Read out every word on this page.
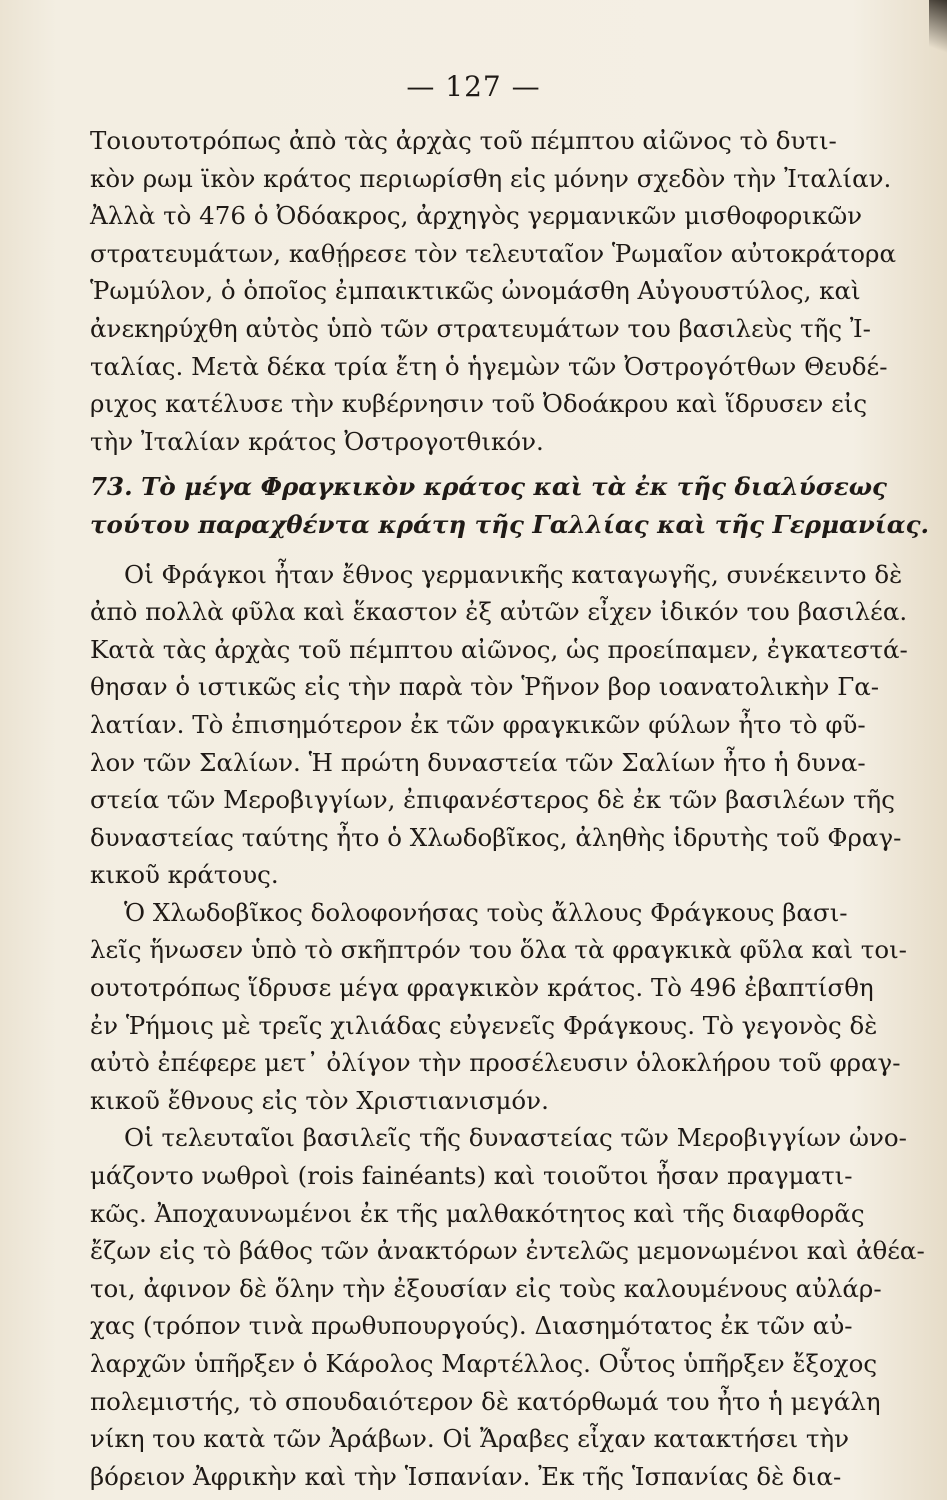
— 127 —
Τοιουτοτρόπως ἀπὸ τὰς ἀρχὰς τοῦ πέμπτου αἰῶνος τὸ δυτι-
κὸν ρωμ ϊκὸν κράτος περιωρίσθη εἰς μόνην σχεδὸν τὴν Ἰταλίαν.
Ἀλλὰ τὸ 476 ὁ Ὀδόακρος, ἀρχηγὸς γερμανικῶν μισθοφορικῶν
στρατευμάτων, καθῄρεσε τὸν τελευταῖον Ῥωμαῖον αὐτοκράτορα
Ῥωμύλον, ὁ ὁποῖος ἐμπαικτικῶς ὠνομάσθη Αὐγουστύλος, καὶ
ἀνεκηρύχθη αὐτὸς ὑπὸ τῶν στρατευμάτων του βασιλεὺς τῆς Ἰ-
ταλίας. Μετὰ δέκα τρία ἔτη ὁ ἡγεμὼν τῶν Ὀστρογότθων Θευδέ-
ριχος κατέλυσε τὴν κυβέρνησιν τοῦ Ὀδοάκρου καὶ ἵδρυσεν εἰς
τὴν Ἰταλίαν κράτος Ὀστρογοτθικόν.
73. Τὸ μέγα Φραγκικὸν κράτος καὶ τὰ ἐκ τῆς διαλύσεως
τούτου παραχθέντα κράτη τῆς Γαλλίας καὶ τῆς Γερμανίας.
Οἱ Φράγκοι ἦταν ἔθνος γερμανικῆς καταγωγῆς, συνέκειντο δὲ
ἀπὸ πολλὰ φῦλα καὶ ἕκαστον ἐξ αὐτῶν εἶχεν ἰδικόν του βασιλέα.
Κατὰ τὰς ἀρχὰς τοῦ πέμπτου αἰῶνος, ὡς προείπαμεν, ἐγκατεστά-
θησαν ὁ ιστικῶς εἰς τὴν παρὰ τὸν Ῥῆνον βορ ιοανατολικὴν Γα-
λατίαν. Τὸ ἐπισημότερον ἐκ τῶν φραγκικῶν φύλων ἦτο τὸ φῦ-
λον τῶν Σαλίων. Ἡ πρώτη δυναστεία τῶν Σαλίων ἦτο ἡ δυνα-
στεία τῶν Μεροβιγγίων, ἐπιφανέστερος δὲ ἐκ τῶν βασιλέων τῆς
δυναστείας ταύτης ἦτο ὁ Χλωδοβῖκος, ἀληθὴς ἱδρυτὴς τοῦ Φραγ-
κικοῦ κράτους.
Ὁ Χλωδοβῖκος δολοφονήσας τοὺς ἄλλους Φράγκους βασι-
λεῖς ἥνωσεν ὑπὸ τὸ σκῆπτρόν του ὅλα τὰ φραγκικὰ φῦλα καὶ τοι-
ουτοτρόπως ἵδρυσε μέγα φραγκικὸν κράτος. Τὸ 496 ἐβαπτίσθη
ἐν Ῥήμοις μὲ τρεῖς χιλιάδας εὐγενεῖς Φράγκους. Τὸ γεγονὸς δὲ
αὐτὸ ἐπέφερε μετ᾽ ὀλίγον τὴν προσέλευσιν ὁλοκλήρου τοῦ φραγ-
κικοῦ ἔθνους εἰς τὸν Χριστιανισμόν.
Οἱ τελευταῖοι βασιλεῖς τῆς δυναστείας τῶν Μεροβιγγίων ὠνο-
μάζοντο νωθροὶ (rois fainéants) καὶ τοιοῦτοι ἦσαν πραγματι-
κῶς. Ἀποχαυνωμένοι ἐκ τῆς μαλθακότητος καὶ τῆς διαφθορᾶς
ἔζων εἰς τὸ βάθος τῶν ἀνακτόρων ἐντελῶς μεμονωμένοι καὶ ἀθέα-
τοι, ἀφινον δὲ ὅλην τὴν ἐξουσίαν εἰς τοὺς καλουμένους αὐλάρ-
χας (τρόπον τινὰ πρωθυπουργούς). Διασημότατος ἐκ τῶν αὐ-
λαρχῶν ὑπῆρξεν ὁ Κάρολος Μαρτέλλος. Οὗτος ὑπῆρξεν ἔξοχος
πολεμιστής, τὸ σπουδαιότερον δὲ κατόρθωμά του ἦτο ἡ μεγάλη
νίκη του κατὰ τῶν Ἀράβων. Οἱ Ἄραβες εἶχαν κατακτήσει τὴν
βόρειον Ἀφρικὴν καὶ τὴν Ἱσπανίαν. Ἐκ τῆς Ἱσπανίας δὲ δια-
